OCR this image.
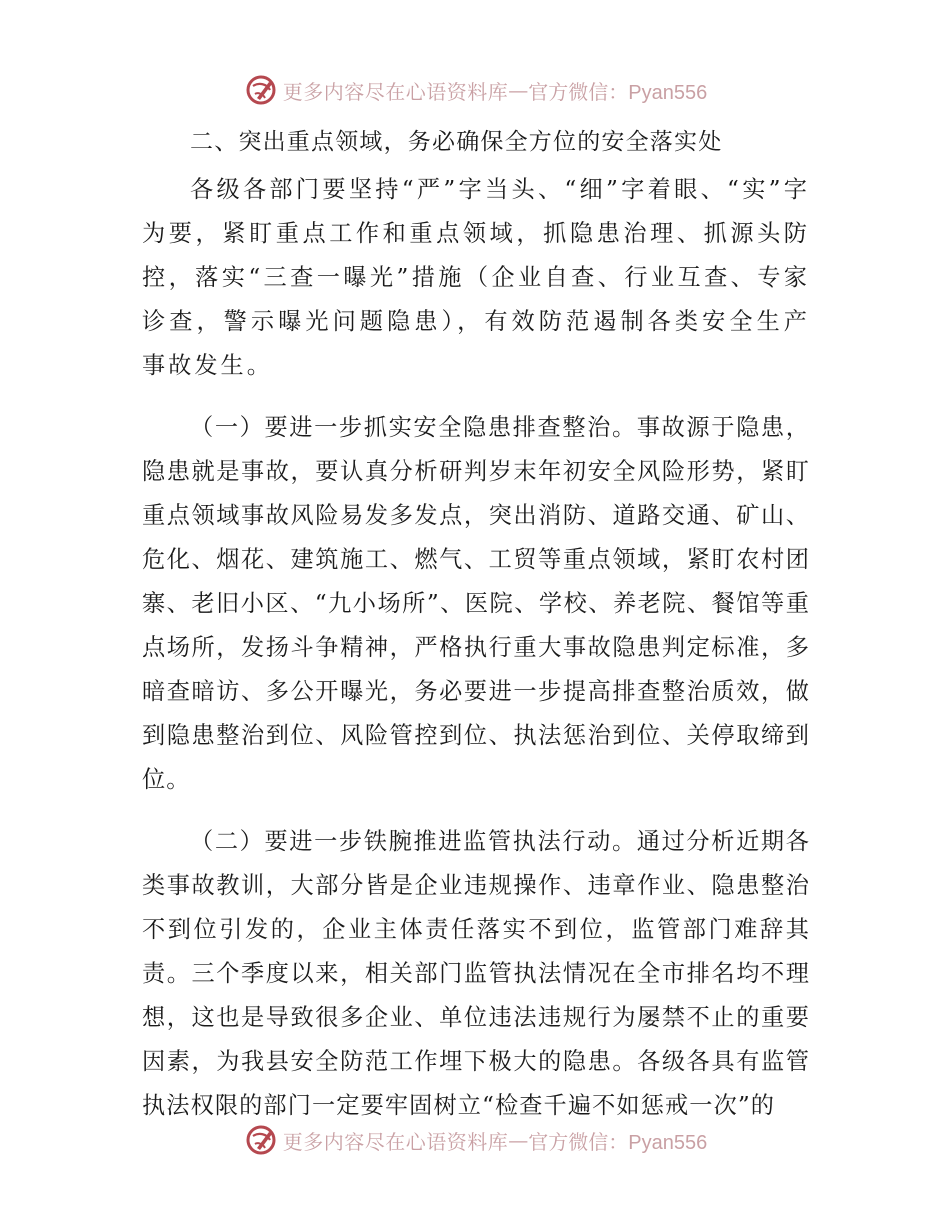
更多内容尽在心语资料库 — 官方微信：Pyan556

二、突出重点领域，务必确保全方位的安全落实处

各级各部门要坚持“严”字当头、“细”字着眼、“实”字为要，紧盯重点工作和重点领域，抓隐患治理、抓源头防控，落实“三查一曝光”措施（企业自查、行业互查、专家诊查，警示曝光问题隐患），有效防范遏制各类安全生产事故发生。

（一）要进一步抓实安全隐患排查整治。事故源于隐患，隐患就是事故，要认真分析研判岁末年初安全风险形势，紧盯重点领域事故风险易发多发点，突出消防、道路交通、矿山、危化、烟花、建筑施工、燃气、工贸等重点领域，紧盯农村团寨、老旧小区、“九小场所”、医院、学校、养老院、餐馆等重点场所，发扬斗争精神，严格执行重大事故隐患判定标准，多暗查暗访、多公开曝光，务必要进一步提高排查整治质效，做到隐患整治到位、风险管控到位、执法惩治到位、关停取缔到位。

（二）要进一步铁腕推进监管执法行动。通过分析近期各类事故教训，大部分皆是企业违规操作、违章作业、隐患整治不到位引发的，企业主体责任落实不到位，监管部门难辞其责。三个季度以来，相关部门监管执法情况在全市排名均不理想，这也是导致很多企业、单位违法违规行为屡禁不止的重要因素，为我县安全防范工作埋下极大的隐患。各级各具有监管执法权限的部门一定要牢固树立“检查千遍不如惩戒一次”的

更多内容尽在心语资料库 — 官方微信：Pyan556
